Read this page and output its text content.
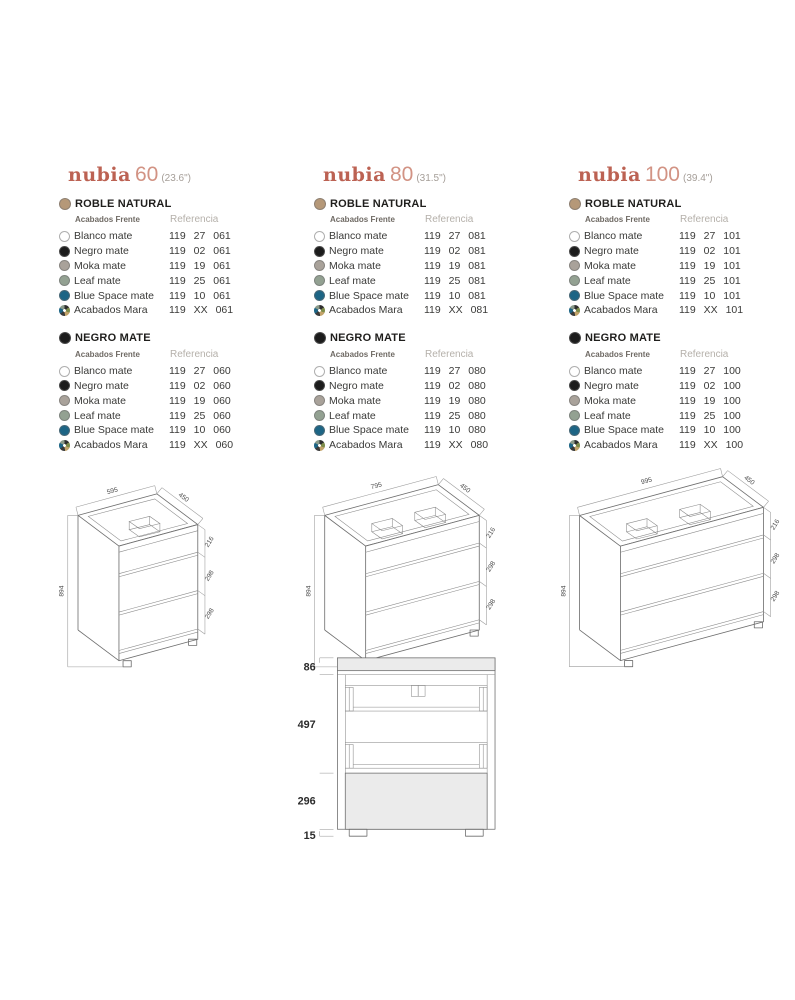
nubia 60 (23.6")
ROBLE NATURAL
Acabados Frente	Referencia
Blanco mate	119 27 061
Negro mate	119 02 061
Moka mate	119 19 061
Leaf mate	119 25 061
Blue Space mate	119 10 061
Acabados Mara	119 XX 061
NEGRO MATE
Acabados Frente	Referencia
Blanco mate	119 27 060
Negro mate	119 02 060
Moka mate	119 19 060
Leaf mate	119 25 060
Blue Space mate	119 10 060
Acabados Mara	119 XX 060
nubia 80 (31.5")
ROBLE NATURAL
Acabados Frente	Referencia
Blanco mate	119 27 081
Negro mate	119 02 081
Moka mate	119 19 081
Leaf mate	119 25 081
Blue Space mate	119 10 081
Acabados Mara	119 XX 081
NEGRO MATE
Acabados Frente	Referencia
Blanco mate	119 27 080
Negro mate	119 02 080
Moka mate	119 19 080
Leaf mate	119 25 080
Blue Space mate	119 10 080
Acabados Mara	119 XX 080
nubia 100 (39.4")
ROBLE NATURAL
Acabados Frente	Referencia
Blanco mate	119 27 101
Negro mate	119 02 101
Moka mate	119 19 101
Leaf mate	119 25 101
Blue Space mate	119 10 101
Acabados Mara	119 XX 101
NEGRO MATE
Acabados Frente	Referencia
Blanco mate	119 27 100
Negro mate	119 02 100
Moka mate	119 19 100
Leaf mate	119 25 100
Blue Space mate	119 10 100
Acabados Mara	119 XX 100
595
450
894
216
298
298
795	450
894
216
298
298
995	450
894
216
298
298
86
497
296
15
